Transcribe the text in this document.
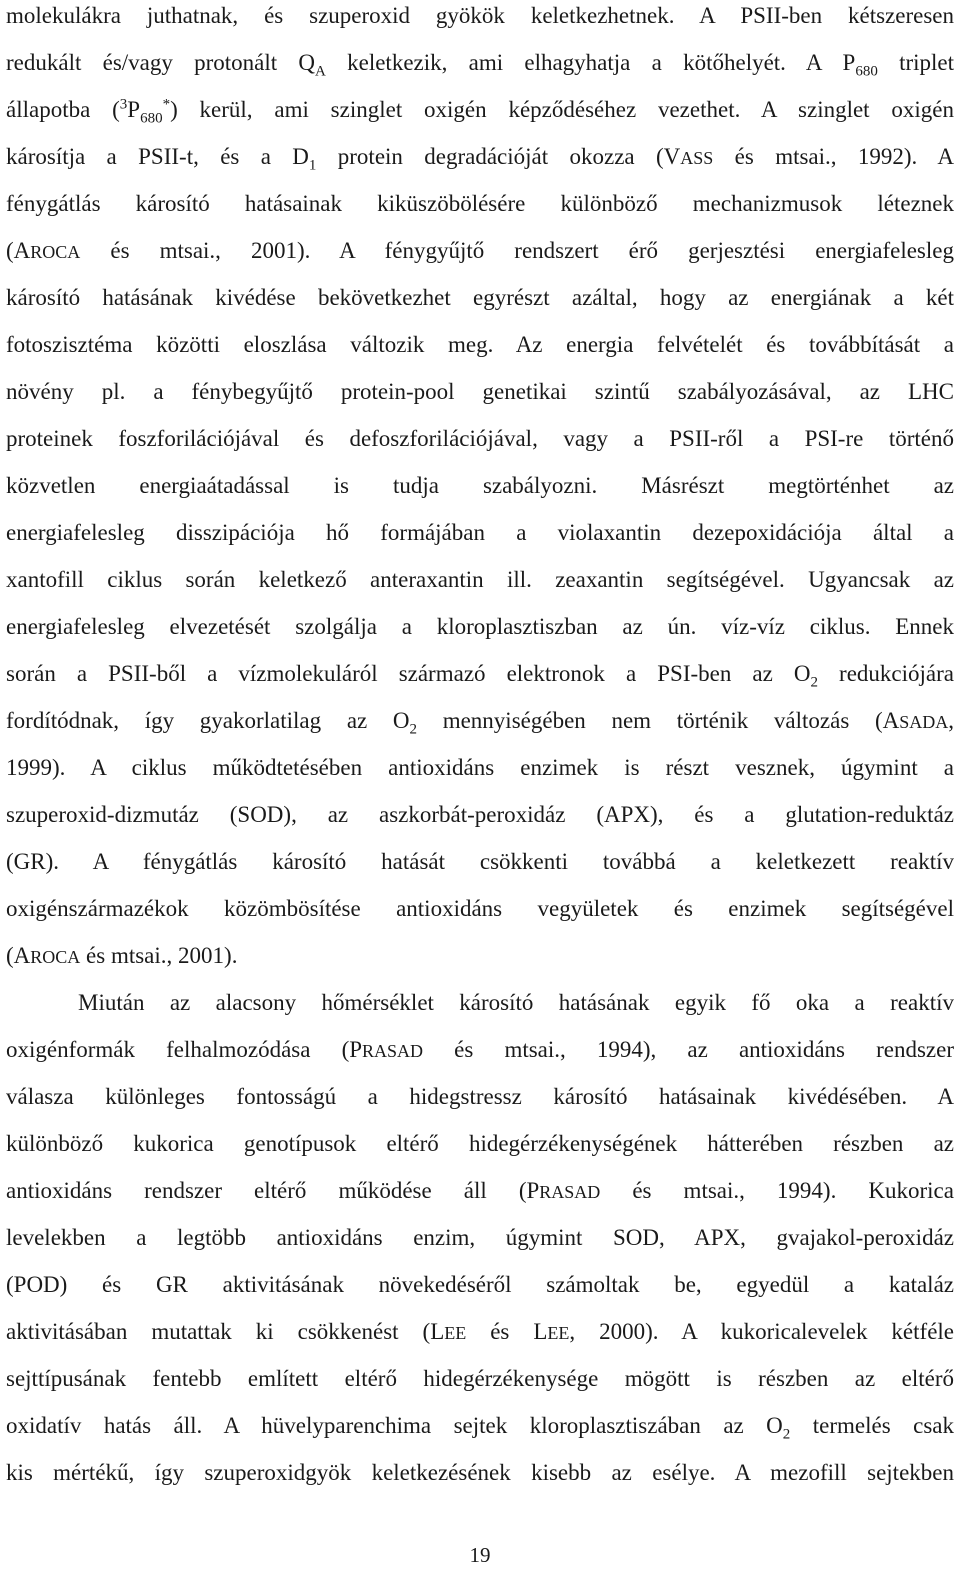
molekulákra juthatnak, és szuperoxid gyökök keletkezhetnek. A PSII-ben kétszeresen
redukált és/vagy protonált $Q_A$ keletkezik, ami elhagyhatja a kötőhelyét. A $P_{680}$ triplet
állapotba $(^3P_{680}^*)$ kerül, ami szinglet oxigén képződéséhez vezethet. A szinglet oxigén
károsítja a PSII-t, és a $D_1$ protein degradációját okozza (VASS és mtsai., 1992). A
fénygátlás károsító hatásainak kiküszöbölésére különböző mechanizmusok léteznek
(AROCA és mtsai., 2001). A fénygyűjtő rendszert érő gerjesztési energiafelesleg
károsító hatásának kivédése bekövetkezhet egyrészt azáltal, hogy az energiának a két
fotoszisztéma közötti eloszlása változik meg. Az energia felvételét és továbbítását a
növény pl. a fénybegyűjtő protein-pool genetikai szintű szabályozásával, az LHC
proteinek foszforilációjával és defoszforilációjával, vagy a PSII-ről a PSI-re történő
közvetlen energiaátadással is tudja szabályozni. Másrészt megtörténhet az
energiafelesleg disszipációja hő formájában a violaxantin dezepoxidációja által a
xantofill ciklus során keletkező anteraxantin ill. zeaxantin segítségével. Ugyancsak az
energiafelesleg elvezetését szolgálja a kloroplasztiszban az ún. víz-víz ciklus. Ennek
során a PSII-ből a vízmolekuláról származó elektronok a PSI-ben az $O_2$ redukciójára
fordítódnak, így gyakorlatilag az $O_2$ mennyiségében nem történik változás (ASADA,
1999). A ciklus működtetésében antioxidáns enzimek is részt vesznek, úgymint a
szuperoxid-dizmutáz (SOD), az aszkorbát-peroxidáz (APX), és a glutation-reduktáz
(GR). A fénygátlás károsító hatását csökkenti továbbá a keletkezett reaktív
oxigénszármazékok közömbösítése antioxidáns vegyületek és enzimek segítségével
(AROCA és mtsai., 2001).
Miután az alacsony hőmérséklet károsító hatásának egyik fő oka a reaktív
oxigénformák felhalmozódása (PRASAD és mtsai., 1994), az antioxidáns rendszer
válasza különleges fontosságú a hidegstressz károsító hatásainak kivédésében. A
különböző kukorica genotípusok eltérő hidegérzékenységének hátterében részben az
antioxidáns rendszer eltérő működése áll (PRASAD és mtsai., 1994). Kukorica
levelekben a legtöbb antioxidáns enzim, úgymint SOD, APX, gvajakol-peroxidáz
(POD) és GR aktivitásának növekedéséről számoltak be, egyedül a kataláz
aktivitásában mutattak ki csökkenést (LEE és LEE, 2000). A kukoricalevelek kétféle
sejttípusának fentebb említett eltérő hidegérzékenysége mögött is részben az eltérő
oxidatív hatás áll. A hüvelyparenchima sejtek kloroplasztiszában az $O_2$ termelés csak
kis mértékű, így szuperoxidgyök keletkezésének kisebb az esélye. A mezofill sejtekben
19
